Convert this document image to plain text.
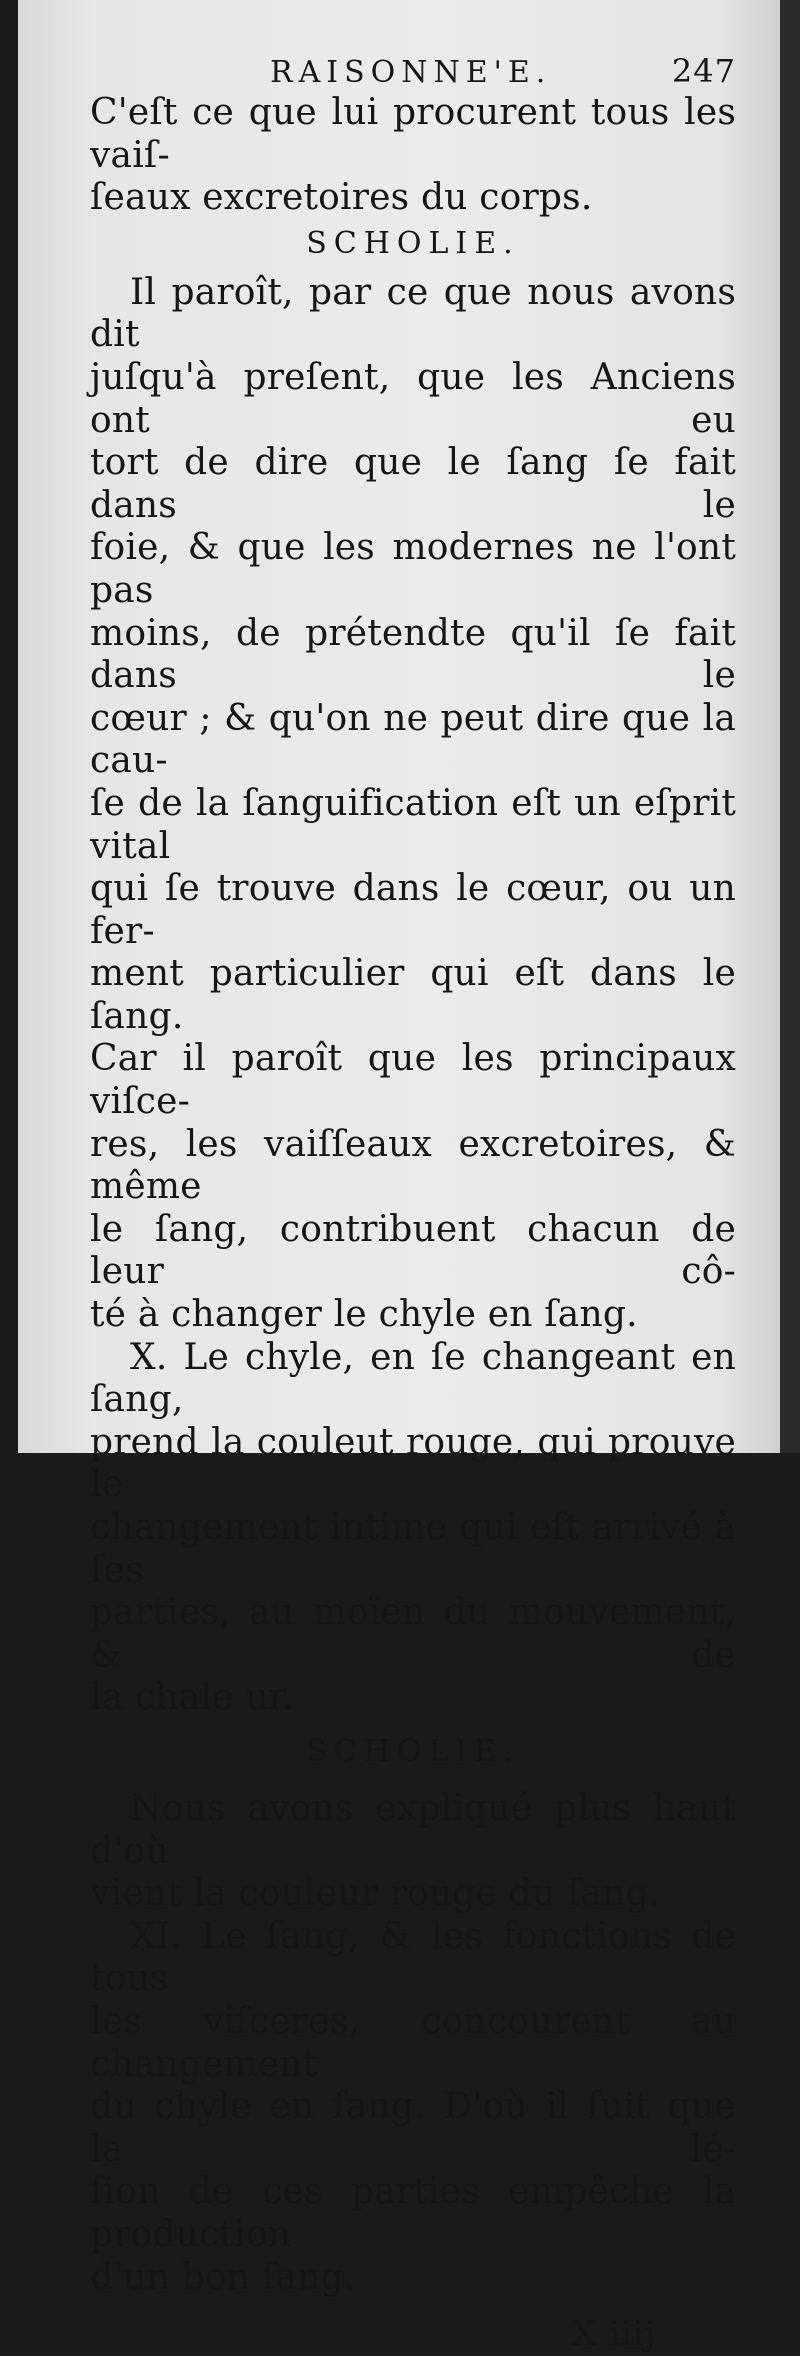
RAISONNE'E.	247

C'eſt ce que lui procurent tous les vaiſ-

ſeaux excretoires du corps.

SCHOLIE.

Il paroît, par ce que nous avons dit

juſqu'à preſent, que les Anciens ont eu

tort de dire que le ſang ſe fait dans le

foie, & que les modernes ne l'ont pas

moins, de prétendte qu'il ſe fait dans le

cœur ; & qu'on ne peut dire que la cau-

ſe de la ſanguification eſt un eſprit vital

qui ſe trouve dans le cœur, ou un fer-

ment particulier qui eſt dans le ſang.

Car il paroît que les principaux viſce-

res, les vaiſſeaux excretoires, & même

le ſang, contribuent chacun de leur cô-

té à changer le chyle en ſang.

X. Le chyle, en ſe changeant en ſang,

prend la couleut rouge, qui prouve le

changement intime qui eſt arrivé à ſes

parties, au moïen du mouvement, & de

la chale ur.

SCHOLIE.

Nous avons expliqué plus haut d'où

vient la couleur rouge du ſang.

XI. Le ſang, & les fonctions de tous

les viſceres, concourent au changement

du chyle en ſang. D'où il ſuit que la lé-

ſion de ces parties empêche la production

d'un bon ſang.

X iiij
